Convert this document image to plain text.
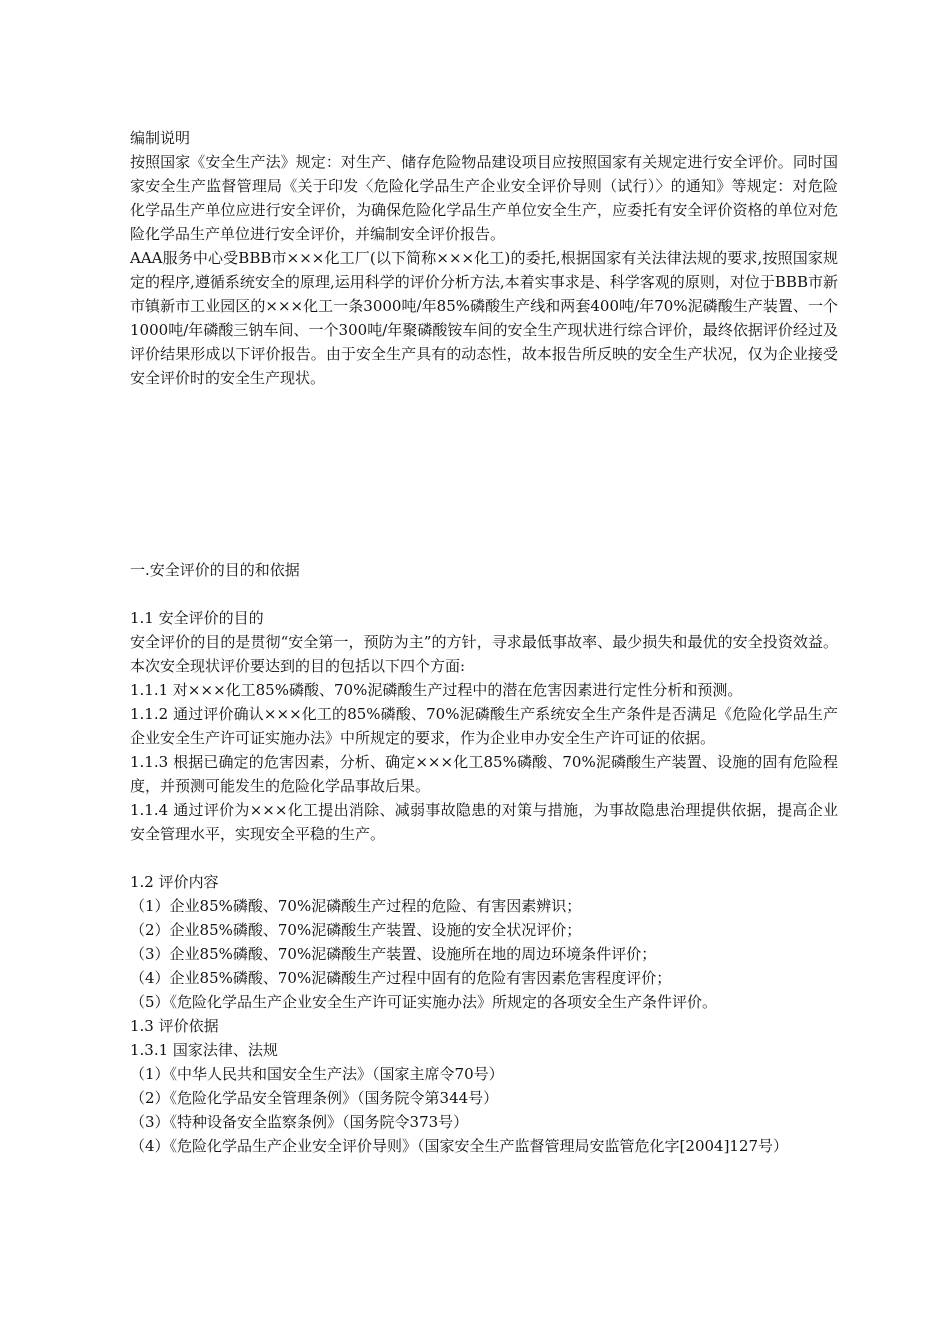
编制说明

按照国家《安全生产法》规定：对生产、储存危险物品建设项目应按照国家有关规定进行安全评价。同时国家安全生产监督管理局《关于印发〈危险化学品生产企业安全评价导则（试行）〉的通知》等规定：对危险化学品生产单位应进行安全评价，为确保危险化学品生产单位安全生产，应委托有安全评价资格的单位对危险化学品生产单位进行安全评价，并编制安全评价报告。

AAA服务中心受BBB市×××化工厂(以下简称×××化工)的委托,根据国家有关法律法规的要求,按照国家规定的程序,遵循系统安全的原理,运用科学的评价分析方法,本着实事求是、科学客观的原则，对位于BBB市新市镇新市工业园区的×××化工一条3000吨/年85%磷酸生产线和两套400吨/年70%泥磷酸生产装置、一个1000吨/年磷酸三钠车间、一个300吨/年聚磷酸铵车间的安全生产现状进行综合评价，最终依据评价经过及评价结果形成以下评价报告。由于安全生产具有的动态性，故本报告所反映的安全生产状况，仅为企业接受安全评价时的安全生产现状。

一.安全评价的目的和依据

1.1 安全评价的目的

安全评价的目的是贯彻“安全第一，预防为主”的方针，寻求最低事故率、最少损失和最优的安全投资效益。本次安全现状评价要达到的目的包括以下四个方面:

1.1.1 对×××化工85%磷酸、70%泥磷酸生产过程中的潜在危害因素进行定性分析和预测。

1.1.2 通过评价确认×××化工的85%磷酸、70%泥磷酸生产系统安全生产条件是否满足《危险化学品生产企业安全生产许可证实施办法》中所规定的要求，作为企业申办安全生产许可证的依据。

1.1.3 根据已确定的危害因素，分析、确定×××化工85%磷酸、70%泥磷酸生产装置、设施的固有危险程度，并预测可能发生的危险化学品事故后果。

1.1.4 通过评价为×××化工提出消除、减弱事故隐患的对策与措施，为事故隐患治理提供依据，提高企业安全管理水平，实现安全平稳的生产。

1.2 评价内容

（1）企业85%磷酸、70%泥磷酸生产过程的危险、有害因素辨识；

（2）企业85%磷酸、70%泥磷酸生产装置、设施的安全状况评价；

（3）企业85%磷酸、70%泥磷酸生产装置、设施所在地的周边环境条件评价；

（4）企业85%磷酸、70%泥磷酸生产过程中固有的危险有害因素危害程度评价；

（5）《危险化学品生产企业安全生产许可证实施办法》所规定的各项安全生产条件评价。

1.3 评价依据

1.3.1 国家法律、法规

（1）《中华人民共和国安全生产法》（国家主席令70号）

（2）《危险化学品安全管理条例》（国务院令第344号）

（3）《特种设备安全监察条例》（国务院令373号）

（4）《危险化学品生产企业安全评价导则》（国家安全生产监督管理局安监管危化字[2004]127号）
